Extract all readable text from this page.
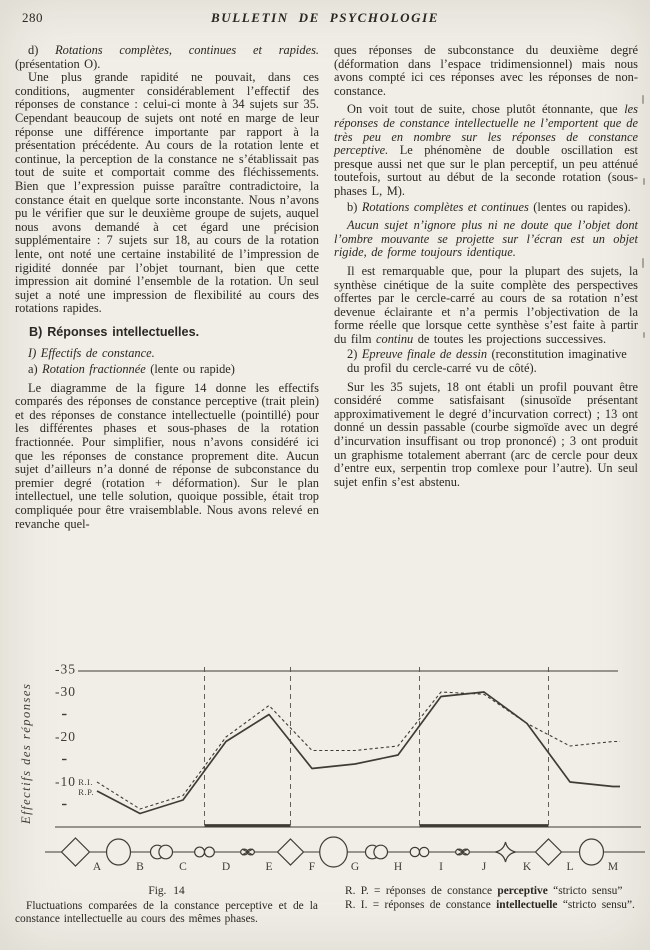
280	BULLETIN DE PSYCHOLOGIE

d) Rotations complètes, continues et rapides. (présentation O).

Une plus grande rapidité ne pouvait, dans ces conditions, augmenter considérablement l’effectif des réponses de constance : celui-ci monte à 34 sujets sur 35. Cependant beaucoup de sujets ont noté en marge de leur réponse une différence importante par rapport à la présentation précédente. Au cours de la rotation lente et continue, la perception de la constance ne s’établissait pas tout de suite et comportait comme des fléchissements. Bien que l’expression puisse paraître contradictoire, la constance était en quelque sorte inconstante. Nous n’avons pu le vérifier que sur le deuxième groupe de sujets, auquel nous avons demandé à cet égard une précision supplémentaire : 7 sujets sur 18, au cours de la rotation lente, ont noté une certaine instabilité de l’impression de rigidité donnée par l’objet tournant, bien que cette impression ait dominé l’ensemble de la rotation. Un seul sujet a noté une impression de flexibilité au cours des rotations rapides.

B) Réponses intellectuelles.

I) Effectifs de constance.

a) Rotation fractionnée (lente ou rapide)

Le diagramme de la figure 14 donne les effectifs comparés des réponses de constance perceptive (trait plein) et des réponses de constance intellectuelle (pointillé) pour les différentes phases et sous-phases de la rotation fractionnée. Pour simplifier, nous n’avons considéré ici que les réponses de constance proprement dite. Aucun sujet d’ailleurs n’a donné de réponse de subconstance du premier degré (rotation + déformation). Sur le plan intellectuel, une telle solution, quoique possible, était trop compliquée pour être vraisemblable. Nous avons relevé en revanche quel-

ques réponses de subconstance du deuxième degré (déformation dans l’espace tridimensionnel) mais nous avons compté ici ces réponses avec les réponses de non-constance.

On voit tout de suite, chose plutôt étonnante, que les réponses de constance intellectuelle ne l’emportent que de très peu en nombre sur les réponses de constance perceptive. Le phénomène de double oscillation est presque aussi net que sur le plan perceptif, un peu atténué toutefois, surtout au début de la seconde rotation (sous-phases L, M).

b) Rotations complètes et continues (lentes ou rapides).

Aucun sujet n’ignore plus ni ne doute que l’objet dont l’ombre mouvante se projette sur l’écran est un objet rigide, de forme toujours identique.

Il est remarquable que, pour la plupart des sujets, la synthèse cinétique de la suite complète des perspectives offertes par le cercle-carré au cours de sa rotation n’est devenue éclairante et n’a permis l’objectivation de la forme réelle que lorsque cette synthèse s’est faite à partir du film continu de toutes les projections successives.

2) Epreuve finale de dessin (reconstitution imaginative du profil du cercle-carré vu de côté).

Sur les 35 sujets, 18 ont établi un profil pouvant être considéré comme satisfaisant (sinusoïde présentant approximativement le degré d’incurvation correct) ; 13 ont donné un dessin passable (courbe sigmoïde avec un degré d’incurvation insuffisant ou trop prononcé) ; 3 ont produit un graphisme totalement aberrant (arc de cercle pour deux d’entre eux, serpentin trop comlexe pour l’autre). Un seul sujet enfin s’est abstenu.

-35
-30
-20
-10
Effectifs des réponses	R.I.
R.P.
A	B	C	D	E	F	G	H	I	J	K	L	M

Fig. 14

Fluctuations comparées de la constance perceptive et de la constance intellectuelle au cours des mêmes phases.

R. P. = réponses de constance perceptive “stricto sensu”

R. I. = réponses de constance intellectuelle “stricto sensu”.
